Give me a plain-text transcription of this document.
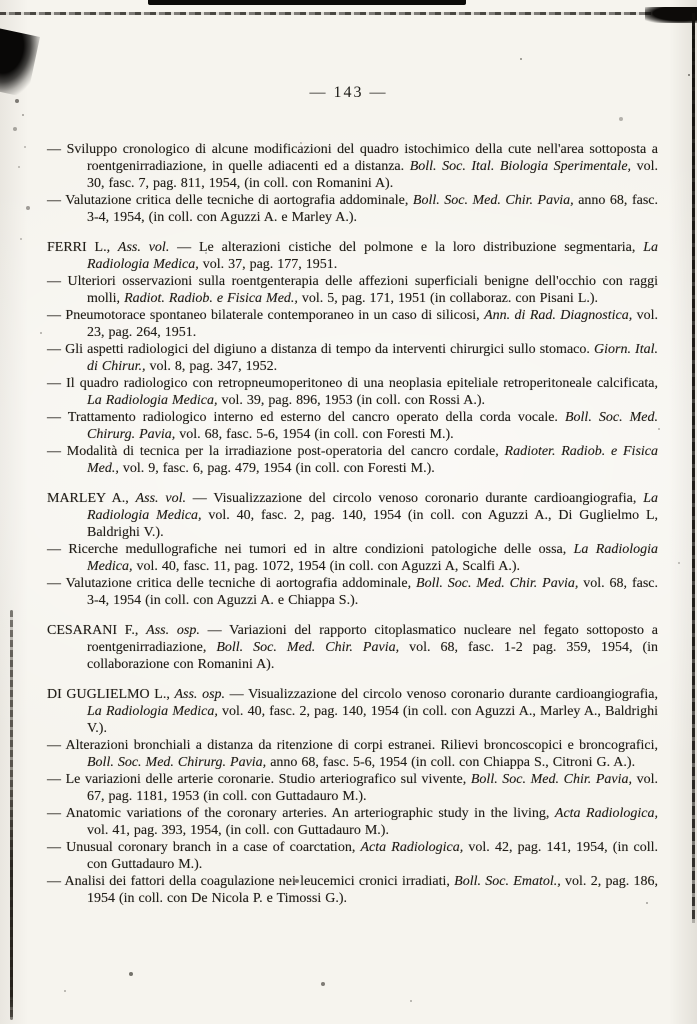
— 143 —

— Sviluppo cronologico di alcune modificazioni del quadro istochimico della cute nell'area sottoposta a roentgenirradiazione, in quelle adiacenti ed a distanza. Boll. Soc. Ital. Biologia Sperimentale, vol. 30, fasc. 7, pag. 811, 1954, (in coll. con Romanini A).

— Valutazione critica delle tecniche di aortografia addominale, Boll. Soc. Med. Chir. Pavia, anno 68, fasc. 3-4, 1954, (in coll. con Aguzzi A. e Marley A.).

FERRI L., Ass. vol. — Le alterazioni cistiche del polmone e la loro distribuzione segmentaria, La Radiologia Medica, vol. 37, pag. 177, 1951.

— Ulteriori osservazioni sulla roentgenterapia delle affezioni superficiali benigne dell'occhio con raggi molli, Radiot. Radiob. e Fisica Med., vol. 5, pag. 171, 1951 (in collaboraz. con Pisani L.).

— Pneumotorace spontaneo bilaterale contemporaneo in un caso di silicosi, Ann. di Rad. Diagnostica, vol. 23, pag. 264, 1951.

— Gli aspetti radiologici del digiuno a distanza di tempo da interventi chirurgici sullo stomaco. Giorn. Ital. di Chirur., vol. 8, pag. 347, 1952.

— Il quadro radiologico con retropneumoperitoneo di una neoplasia epiteliale retroperitoneale calcificata, La Radiologia Medica, vol. 39, pag. 896, 1953 (in coll. con Rossi A.).

— Trattamento radiologico interno ed esterno del cancro operato della corda vocale. Boll. Soc. Med. Chirurg. Pavia, vol. 68, fasc. 5-6, 1954 (in coll. con Foresti M.).

— Modalità di tecnica per la irradiazione post-operatoria del cancro cordale, Radioter. Radiob. e Fisica Med., vol. 9, fasc. 6, pag. 479, 1954 (in coll. con Foresti M.).

MARLEY A., Ass. vol. — Visualizzazione del circolo venoso coronario durante cardioangiografia, La Radiologia Medica, vol. 40, fasc. 2, pag. 140, 1954 (in coll. con Aguzzi A., Di Guglielmo L, Baldrighi V.).

— Ricerche medullografiche nei tumori ed in altre condizioni patologiche delle ossa, La Radiologia Medica, vol. 40, fasc. 11, pag. 1072, 1954 (in coll. con Aguzzi A, Scalfi A.).

— Valutazione critica delle tecniche di aortografia addominale, Boll. Soc. Med. Chir. Pavia, vol. 68, fasc. 3-4, 1954 (in coll. con Aguzzi A. e Chiappa S.).

CESARANI F., Ass. osp. — Variazioni del rapporto citoplasmatico nucleare nel fegato sottoposto a roentgenirradiazione, Boll. Soc. Med. Chir. Pavia, vol. 68, fasc. 1-2 pag. 359, 1954, (in collaborazione con Romanini A).

DI GUGLIELMO L., Ass. osp. — Visualizzazione del circolo venoso coronario durante cardioangiografia, La Radiologia Medica, vol. 40, fasc. 2, pag. 140, 1954 (in coll. con Aguzzi A., Marley A., Baldrighi V.).

— Alterazioni bronchiali a distanza da ritenzione di corpi estranei. Rilievi broncoscopici e broncografici, Boll. Soc. Med. Chirurg. Pavia, anno 68, fasc. 5-6, 1954 (in coll. con Chiappa S., Citroni G. A.).

— Le variazioni delle arterie coronarie. Studio arteriografico sul vivente, Boll. Soc. Med. Chir. Pavia, vol. 67, pag. 1181, 1953 (in coll. con Guttadauro M.).

— Anatomic variations of the coronary arteries. An arteriographic study in the living, Acta Radiologica, vol. 41, pag. 393, 1954, (in coll. con Guttadauro M.).

— Unusual coronary branch in a case of coarctation, Acta Radiologica, vol. 42, pag. 141, 1954, (in coll. con Guttadauro M.).

— Analisi dei fattori della coagulazione nei leucemici cronici irradiati, Boll. Soc. Ematol., vol. 2, pag. 186, 1954 (in coll. con De Nicola P. e Timossi G.).
